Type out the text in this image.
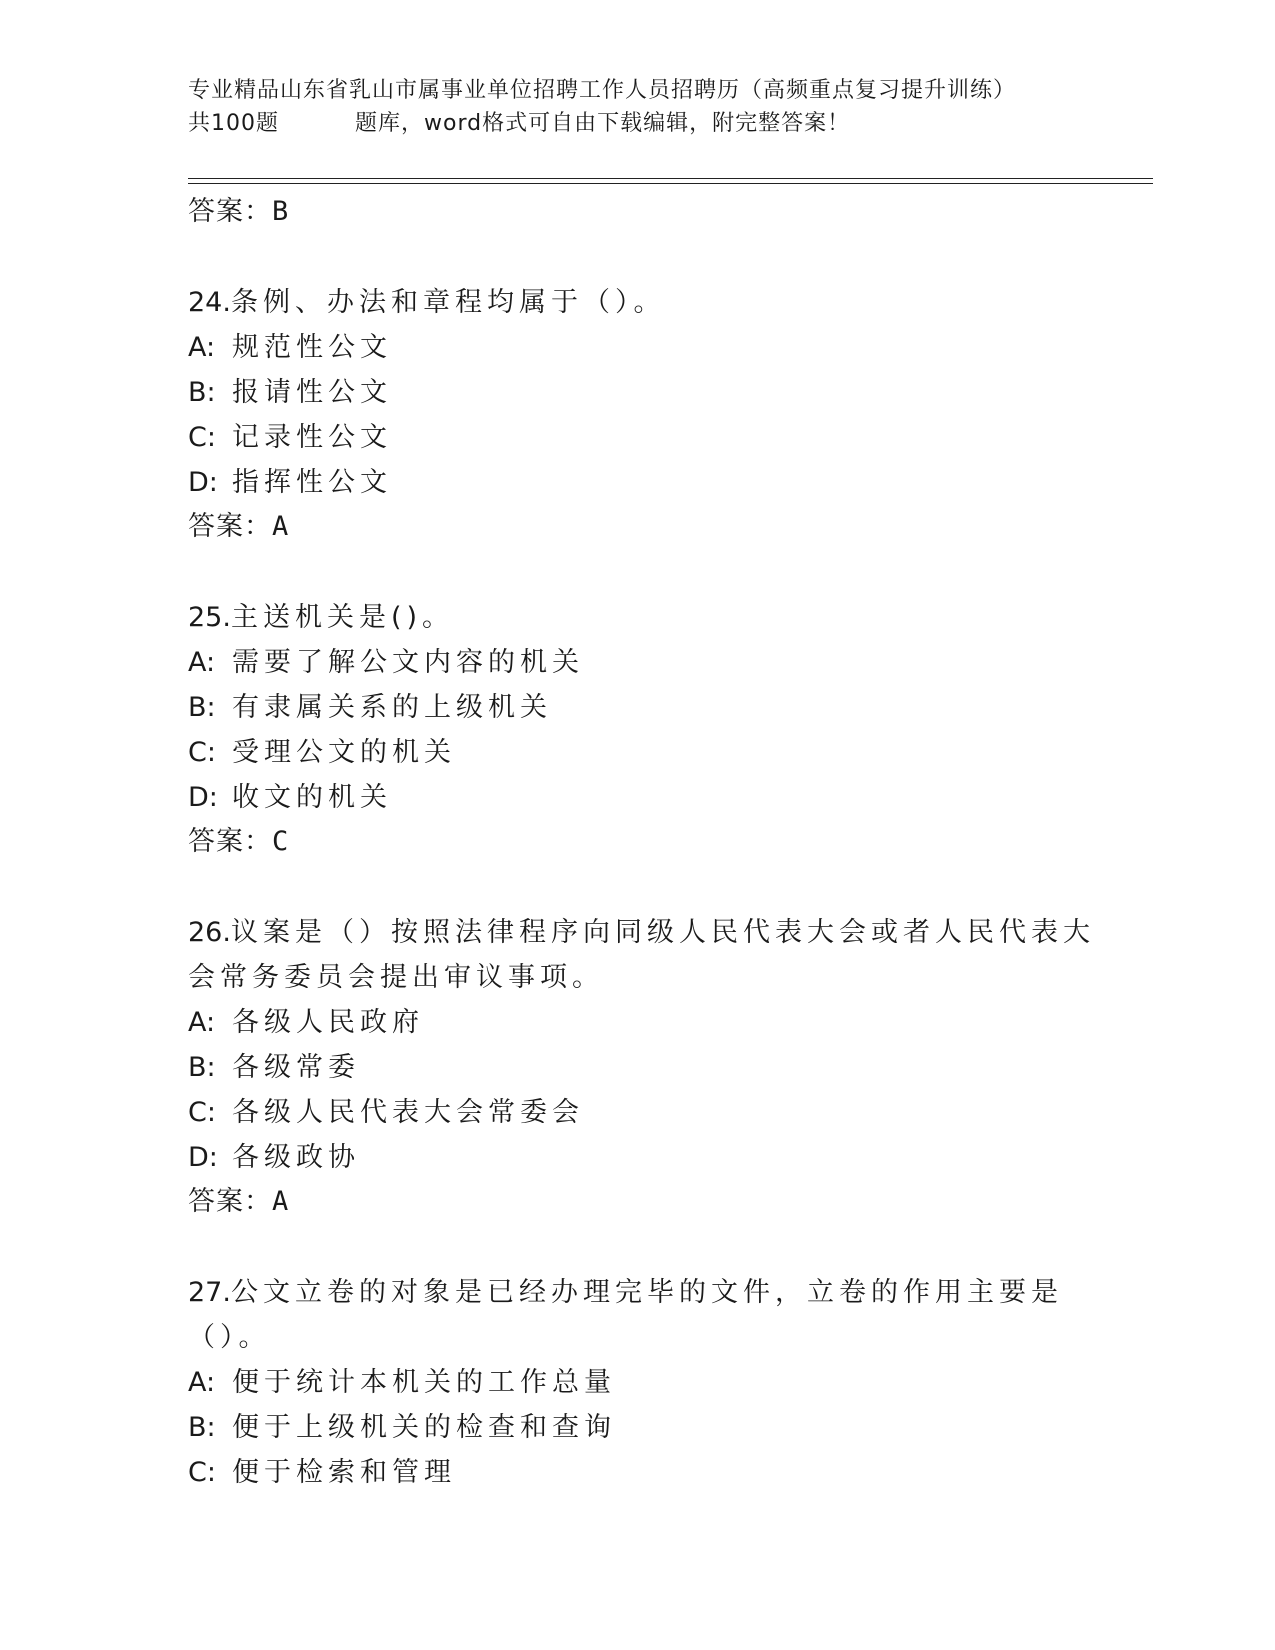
专业精品山东省乳山市属事业单位招聘工作人员招聘历（高频重点复习提升训练）
共100题	题库，word格式可自由下载编辑，附完整答案！
答案：B
24.条例、办法和章程均属于（）。
A: 规范性公文
B: 报请性公文
C: 记录性公文
D: 指挥性公文
答案：A
25.主送机关是()。
A: 需要了解公文内容的机关
B: 有隶属关系的上级机关
C: 受理公文的机关
D: 收文的机关
答案：C
26.议案是（）按照法律程序向同级人民代表大会或者人民代表大会常务委员会提出审议事项。
A: 各级人民政府
B: 各级常委
C: 各级人民代表大会常委会
D: 各级政协
答案：A
27.公文立卷的对象是已经办理完毕的文件，立卷的作用主要是（）。
A: 便于统计本机关的工作总量
B: 便于上级机关的检查和查询
C: 便于检索和管理
